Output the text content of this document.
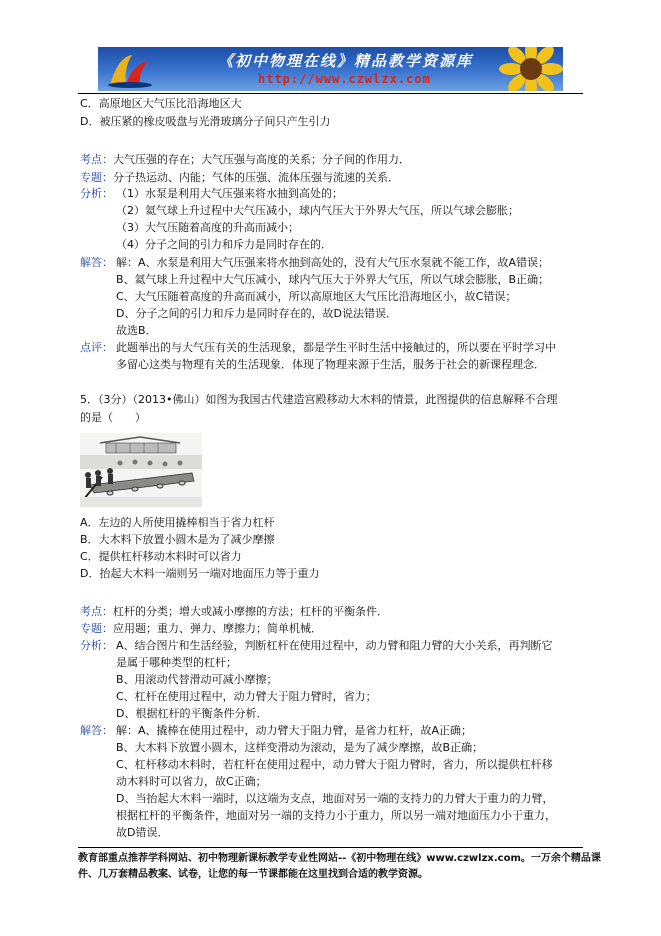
《初中物理在线》精品教学资源库
http://www.czwlzx.com
C．高原地区大气压比沿海地区大
D．被压紧的橡皮吸盘与光滑玻璃分子间只产生引力
考点：大气压强的存在；大气压强与高度的关系；分子间的作用力．
专题：分子热运动、内能；气体的压强、流体压强与流速的关系．
分析： （1）水泵是利用大气压强来将水抽到高处的；
（2）氦气球上升过程中大气压减小，球内气压大于外界大气压，所以气球会膨胀；
（3）大气压随着高度的升高而减小；
（4）分子之间的引力和斥力是同时存在的．
解答： 解：A、水泵是利用大气压强来将水抽到高处的，没有大气压水泵就不能工作，故A错误；
B、氦气球上升过程中大气压减小，球内气压大于外界大气压，所以气球会膨胀，B正确；
C、大气压随着高度的升高而减小，所以高原地区大气压比沿海地区小，故C错误；
D、分子之间的引力和斥力是同时存在的，故D说法错误．
故选B．
点评： 此题举出的与大气压有关的生活现象，都是学生平时生活中接触过的，所以要在平时学习中
多留心这类与物理有关的生活现象．体现了物理来源于生活，服务于社会的新课程理念．
5．（3分）（2013•佛山）如图为我国古代建造宫殿移动大木料的情景，此图提供的信息解释不合理
的是（　　）
A．左边的人所使用撬棒相当于省力杠杆
B．大木料下放置小圆木是为了减少摩擦
C．提供杠杆移动木料时可以省力
D．抬起大木料一端则另一端对地面压力等于重力
考点：杠杆的分类；增大或减小摩擦的方法；杠杆的平衡条件．
专题：应用题；重力、弹力、摩擦力；简单机械．
分析： A、结合图片和生活经验，判断杠杆在使用过程中，动力臂和阻力臂的大小关系，再判断它
是属于哪种类型的杠杆；
B、用滚动代替滑动可减小摩擦；
C、杠杆在使用过程中，动力臂大于阻力臂时，省力；
D、根据杠杆的平衡条件分析．
解答： 解：A、撬棒在使用过程中，动力臂大于阻力臂，是省力杠杆，故A正确；
B、大木料下放置小圆木，这样变滑动为滚动，是为了减少摩擦，故B正确；
C、杠杆移动木料时，若杠杆在使用过程中，动力臂大于阻力臂时，省力，所以提供杠杆移
动木料时可以省力，故C正确；
D、当抬起大木料一端时，以这端为支点，地面对另一端的支持力的力臂大于重力的力臂，
根据杠杆的平衡条件，地面对另一端的支持力小于重力，所以另一端对地面压力小于重力，
故D错误．
教育部重点推荐学科网站、初中物理新课标教学专业性网站--《初中物理在线》www.czwlzx.com。一万余个精品课
件、几万套精品教案、试卷，让您的每一节课都能在这里找到合适的教学资源。
